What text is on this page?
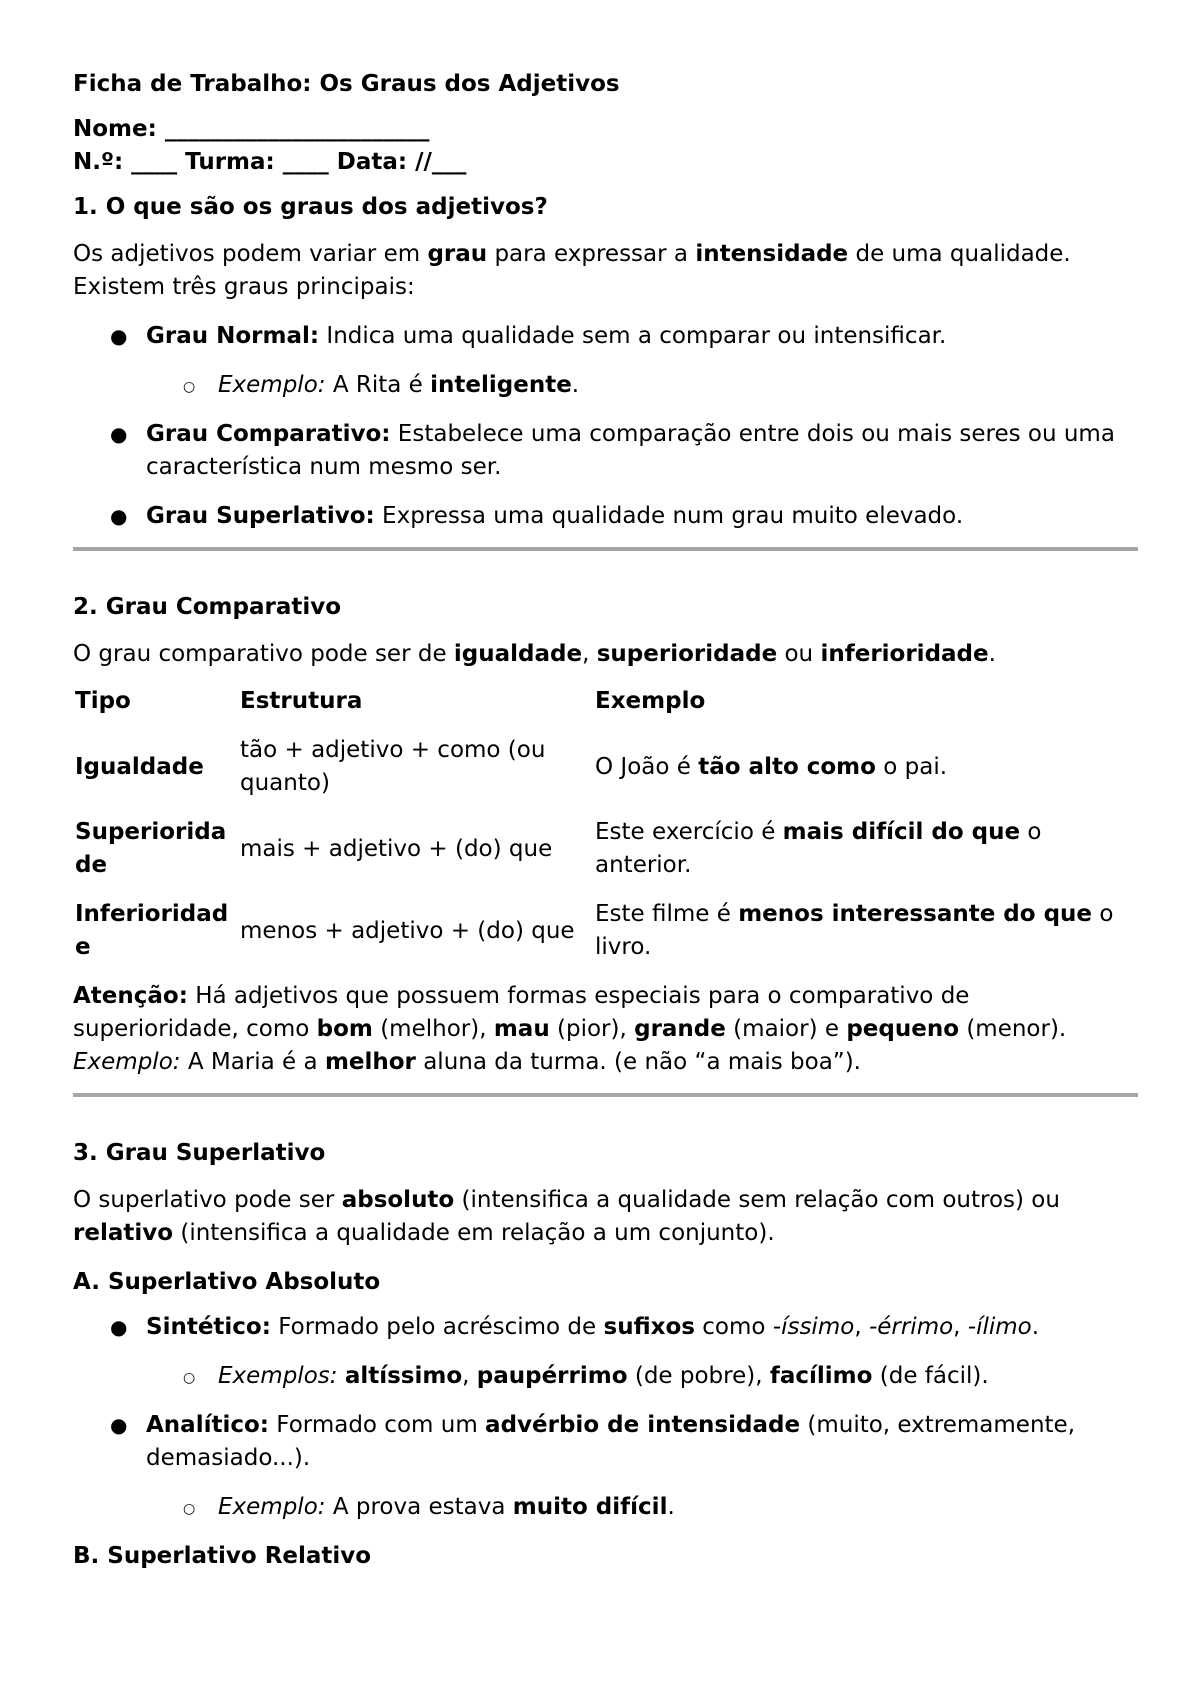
Ficha de Trabalho: Os Graus dos Adjetivos

Nome: _______________________

N.º: ____ Turma: ____ Data: //___

1. O que são os graus dos adjetivos?

Os adjetivos podem variar em grau para expressar a intensidade de uma qualidade. Existem três graus principais:

● Grau Normal: Indica uma qualidade sem a comparar ou intensificar.
○ Exemplo: A Rita é inteligente.
● Grau Comparativo: Estabelece uma comparação entre dois ou mais seres ou uma característica num mesmo ser.
● Grau Superlativo: Expressa uma qualidade num grau muito elevado.

2. Grau Comparativo

O grau comparativo pode ser de igualdade, superioridade ou inferioridade.

Tipo	Estrutura	Exemplo
Igualdade	tão + adjetivo + como (ou quanto)	O João é tão alto como o pai.
Superioridade	mais + adjetivo + (do) que	Este exercício é mais difícil do que o anterior.
Inferioridade	menos + adjetivo + (do) que	Este filme é menos interessante do que o livro.

Atenção: Há adjetivos que possuem formas especiais para o comparativo de superioridade, como bom (melhor), mau (pior), grande (maior) e pequeno (menor).

Exemplo: A Maria é a melhor aluna da turma. (e não “a mais boa”).

3. Grau Superlativo

O superlativo pode ser absoluto (intensifica a qualidade sem relação com outros) ou relativo (intensifica a qualidade em relação a um conjunto).

A. Superlativo Absoluto

● Sintético: Formado pelo acréscimo de sufixos como -íssimo, -érrimo, -ílimo.
○ Exemplos: altíssimo, paupérrimo (de pobre), facílimo (de fácil).
● Analítico: Formado com um advérbio de intensidade (muito, extremamente, demasiado...).
○ Exemplo: A prova estava muito difícil.

B. Superlativo Relativo
